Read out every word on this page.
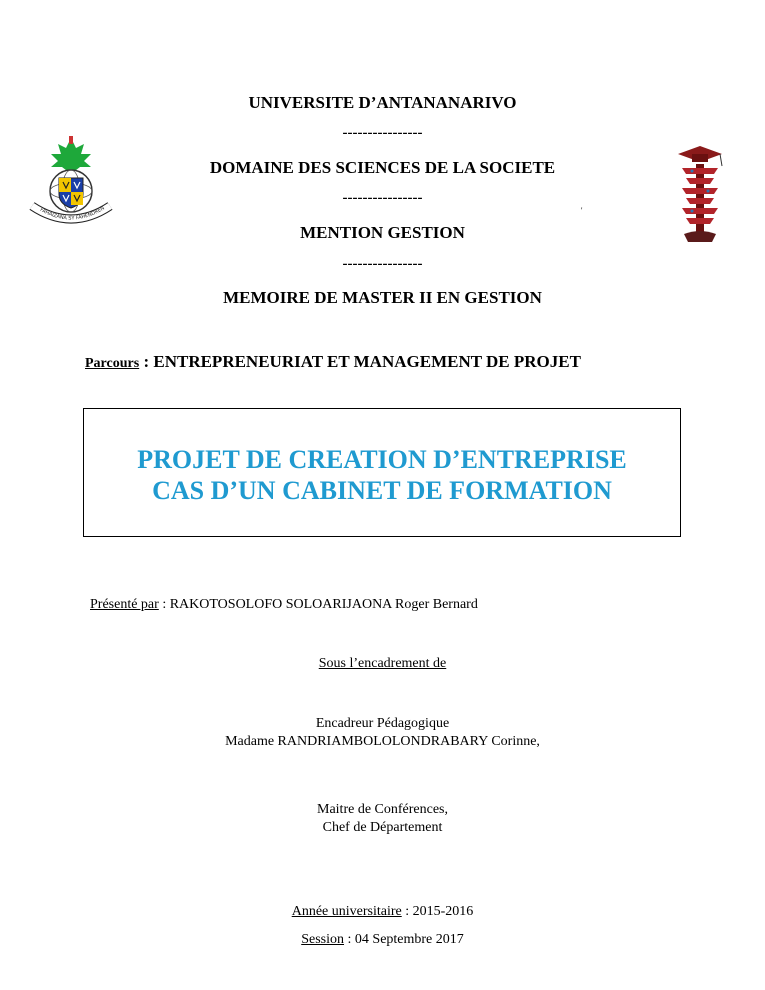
FAHAIZANA SY FAHENDREN
UNIVERSITE D’ANTANANARIVO
----------------
DOMAINE DES SCIENCES DE LA SOCIETE
----------------
MENTION GESTION
----------------
MEMOIRE DE MASTER II EN GESTION
'
Parcours : ENTREPRENEURIAT ET MANAGEMENT DE PROJET
PROJET DE CREATION D’ENTREPRISE
CAS D’UN CABINET DE FORMATION
Présenté par : RAKOTOSOLOFO SOLOARIJAONA Roger Bernard
Sous l’encadrement de
Encadreur Pédagogique
Madame RANDRIAMBOLOLONDRABARY Corinne,
Maitre de Conférences,
Chef de Département
Année universitaire : 2015-2016
Session : 04 Septembre 2017
